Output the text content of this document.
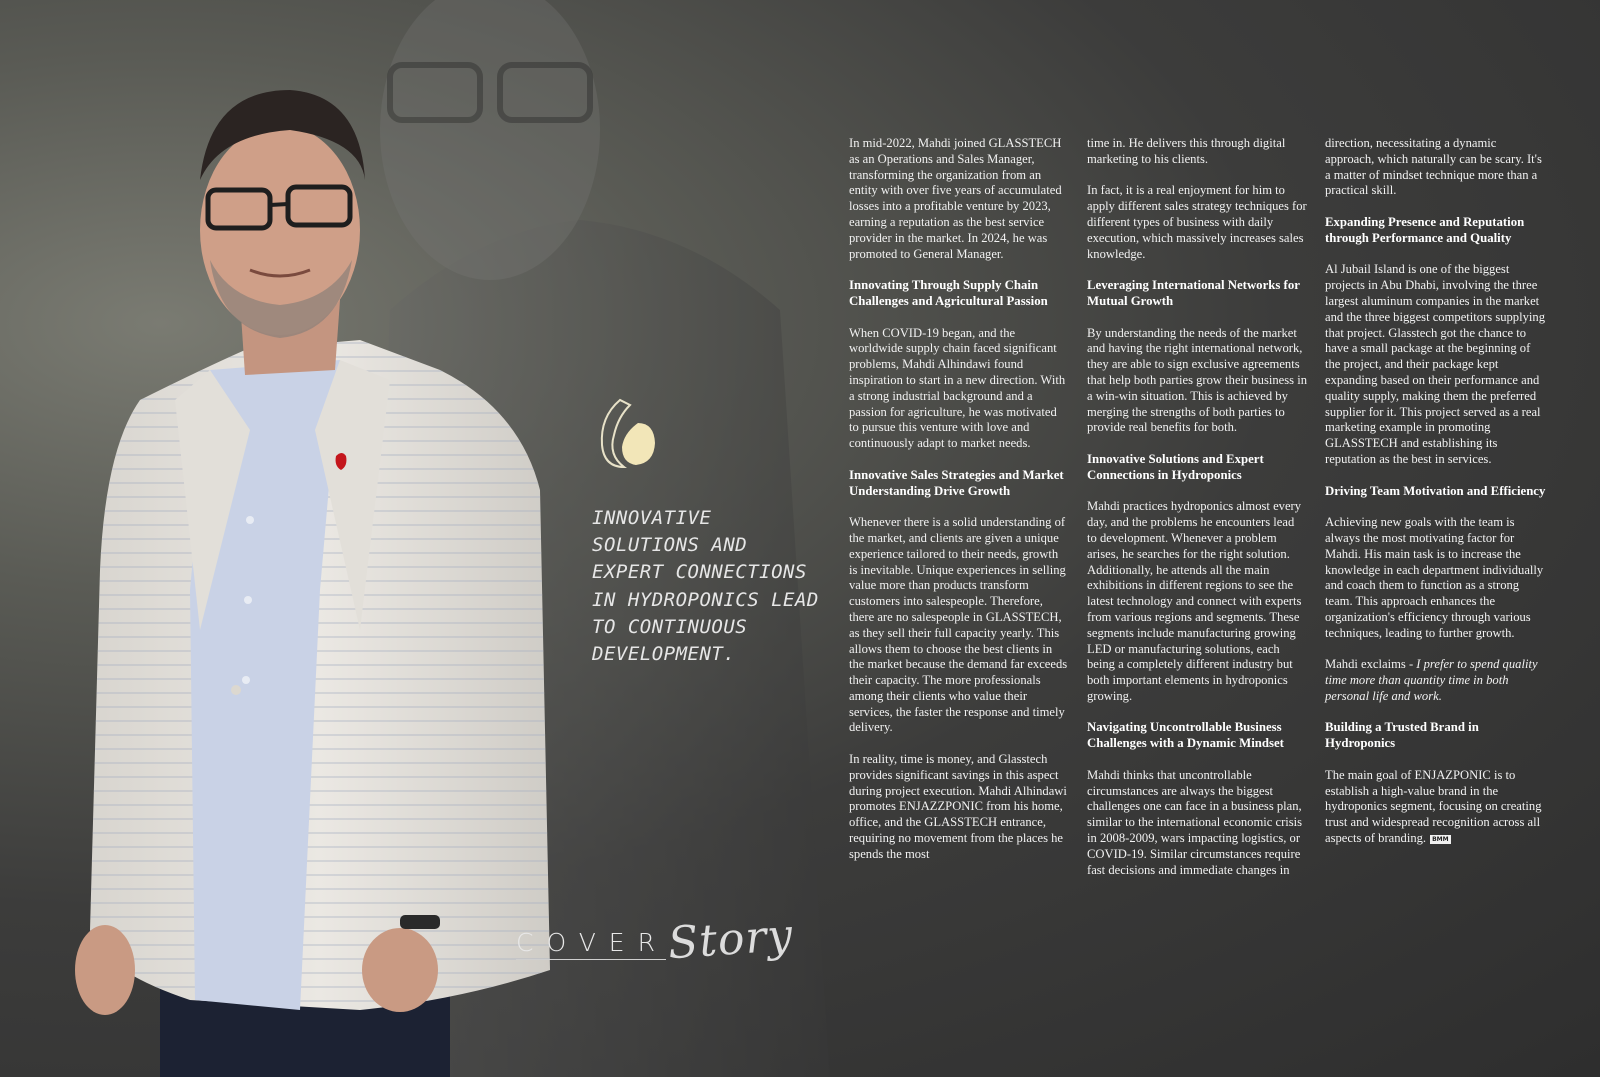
INNOVATIVE SOLUTIONS AND EXPERT CONNECTIONS IN HYDROPONICS LEAD TO CONTINUOUS DEVELOPMENT.

COVER
Story

In mid-2022, Mahdi joined GLASSTECH as an Operations and Sales Manager, transforming the organization from an entity with over five years of accumulated losses into a profitable venture by 2023, earning a reputation as the best service provider in the market. In 2024, he was promoted to General Manager.

Innovating Through Supply Chain Challenges and Agricultural Passion

When COVID-19 began, and the worldwide supply chain faced significant problems, Mahdi Alhindawi found inspiration to start in a new direction. With a strong industrial background and a passion for agriculture, he was motivated to pursue this venture with love and continuously adapt to market needs.

Innovative Sales Strategies and Market Understanding Drive Growth

Whenever there is a solid understanding of the market, and clients are given a unique experience tailored to their needs, growth is inevitable. Unique experiences in selling value more than products transform customers into salespeople. Therefore, there are no salespeople in GLASSTECH, as they sell their full capacity yearly. This allows them to choose the best clients in the market because the demand far exceeds their capacity. The more professionals among their clients who value their services, the faster the response and timely delivery.

In reality, time is money, and Glasstech provides significant savings in this aspect during project execution. Mahdi Alhindawi promotes ENJAZZPONIC from his home, office, and the GLASSTECH entrance, requiring no movement from the places he spends the most

time in. He delivers this through digital marketing to his clients.

In fact, it is a real enjoyment for him to apply different sales strategy techniques for different types of business with daily execution, which massively increases sales knowledge.

Leveraging International Networks for Mutual Growth

By understanding the needs of the market and having the right international network, they are able to sign exclusive agreements that help both parties grow their business in a win-win situation. This is achieved by merging the strengths of both parties to provide real benefits for both.

Innovative Solutions and Expert Connections in Hydroponics

Mahdi practices hydroponics almost every day, and the problems he encounters lead to development. Whenever a problem arises, he searches for the right solution. Additionally, he attends all the main exhibitions in different regions to see the latest technology and connect with experts from various regions and segments. These segments include manufacturing growing LED or manufacturing solutions, each being a completely different industry but both important elements in hydroponics growing.

Navigating Uncontrollable Business Challenges with a Dynamic Mindset

Mahdi thinks that uncontrollable circumstances are always the biggest challenges one can face in a business plan, similar to the international economic crisis in 2008-2009, wars impacting logistics, or COVID-19. Similar circumstances require fast decisions and immediate changes in

direction, necessitating a dynamic approach, which naturally can be scary. It's a matter of mindset technique more than a practical skill.

Expanding Presence and Reputation through Performance and Quality

Al Jubail Island is one of the biggest projects in Abu Dhabi, involving the three largest aluminum companies in the market and the three biggest competitors supplying that project. Glasstech got the chance to have a small package at the beginning of the project, and their package kept expanding based on their performance and quality supply, making them the preferred supplier for it. This project served as a real marketing example in promoting GLASSTECH and establishing its reputation as the best in services.

Driving Team Motivation and Efficiency

Achieving new goals with the team is always the most motivating factor for Mahdi. His main task is to increase the knowledge in each department individually and coach them to function as a strong team. This approach enhances the organization's efficiency through various techniques, leading to further growth.

Mahdi exclaims - I prefer to spend quality time more than quantity time in both personal life and work.

Building a Trusted Brand in Hydroponics

The main goal of ENJAZPONIC is to establish a high-value brand in the hydroponics segment, focusing on creating trust and widespread recognition across all aspects of branding. BMM
